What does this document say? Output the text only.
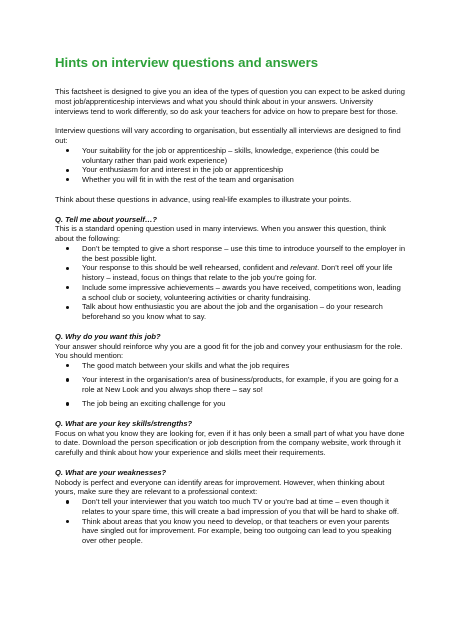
Hints on interview questions and answers

This factsheet is designed to give you an idea of the types of question you can expect to be asked during most job/apprenticeship interviews and what you should think about in your answers. University interviews tend to work differently, so do ask your teachers for advice on how to prepare best for those.

Interview questions will vary according to organisation, but essentially all interviews are designed to find out:

Your suitability for the job or apprenticeship – skills, knowledge, experience (this could be voluntary rather than paid work experience)
Your enthusiasm for and interest in the job or apprenticeship
Whether you will fit in with the rest of the team and organisation

Think about these questions in advance, using real-life examples to illustrate your points.

Q. Tell me about yourself…?

This is a standard opening question used in many interviews. When you answer this question, think about the following:

Don’t be tempted to give a short response – use this time to introduce yourself to the employer in the best possible light.
Your response to this should be well rehearsed, confident and relevant. Don’t reel off your life history – instead, focus on things that relate to the job you’re going for.
Include some impressive achievements – awards you have received, competitions won, leading a school club or society, volunteering activities or charity fundraising.
Talk about how enthusiastic you are about the job and the organisation – do your research beforehand so you know what to say.

Q. Why do you want this job?

Your answer should reinforce why you are a good fit for the job and convey your enthusiasm for the role. You should mention:

The good match between your skills and what the job requires
Your interest in the organisation’s area of business/products, for example, if you are going for a role at New Look and you always shop there – say so!
The job being an exciting challenge for you

Q. What are your key skills/strengths?

Focus on what you know they are looking for, even if it has only been a small part of what you have done to date. Download the person specification or job description from the company website, work through it carefully and think about how your experience and skills meet their requirements.

Q. What are your weaknesses?

Nobody is perfect and everyone can identify areas for improvement. However, when thinking about yours, make sure they are relevant to a professional context:

Don’t tell your interviewer that you watch too much TV or you’re bad at time – even though it relates to your spare time, this will create a bad impression of you that will be hard to shake off.
Think about areas that you know you need to develop, or that teachers or even your parents have singled out for improvement. For example, being too outgoing can lead to you speaking over other people.
